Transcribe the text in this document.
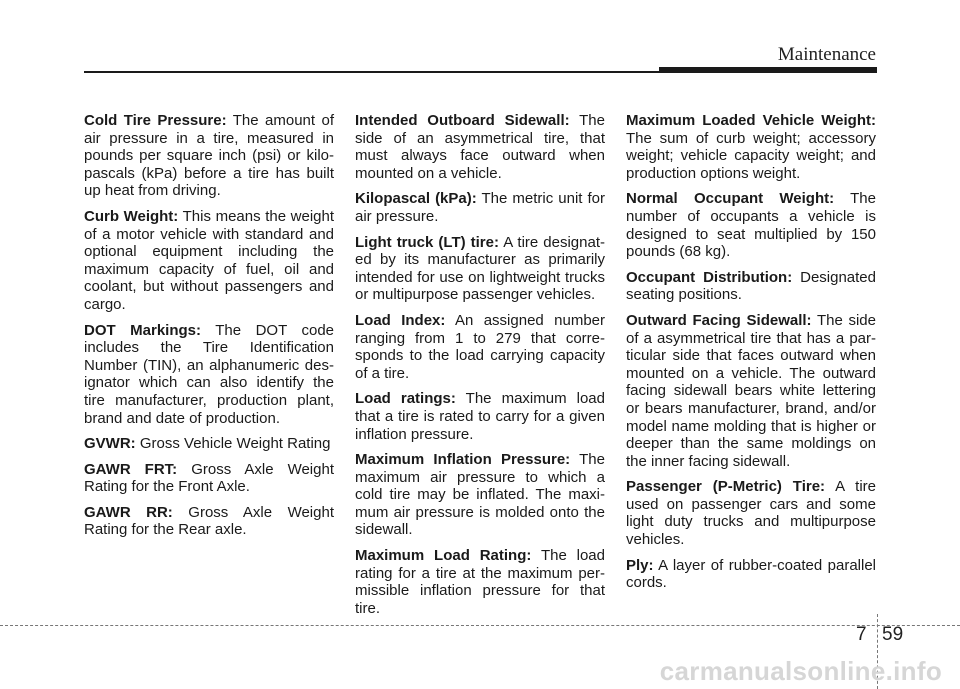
Maintenance

Cold Tire Pressure: The amount of air pressure in a tire, measured in pounds per square inch (psi) or kilo-pascals (kPa) before a tire has built up heat from driving.

Curb Weight: This means the weight of a motor vehicle with standard and optional equipment including the maximum capacity of fuel, oil and coolant, but without passengers and cargo.

DOT Markings: The DOT code includes the Tire Identification Number (TIN), an alphanumeric des-ignator which can also identify the tire manufacturer, production plant, brand and date of production.

GVWR: Gross Vehicle Weight Rating

GAWR FRT: Gross Axle Weight Rating for the Front Axle.

GAWR RR: Gross Axle Weight Rating for the Rear axle.

Intended Outboard Sidewall: The side of an asymmetrical tire, that must always face outward when mounted on a vehicle.

Kilopascal (kPa): The metric unit for air pressure.

Light truck (LT) tire: A tire designat-ed by its manufacturer as primarily intended for use on lightweight trucks or multipurpose passenger vehicles.

Load Index: An assigned number ranging from 1 to 279 that corre-sponds to the load carrying capacity of a tire.

Load ratings: The maximum load that a tire is rated to carry for a given inflation pressure.

Maximum Inflation Pressure: The maximum air pressure to which a cold tire may be inflated. The maxi-mum air pressure is molded onto the sidewall.

Maximum Load Rating: The load rating for a tire at the maximum per-missible inflation pressure for that tire.

Maximum Loaded Vehicle Weight: The sum of curb weight; accessory weight; vehicle capacity weight; and production options weight.

Normal Occupant Weight: The number of occupants a vehicle is designed to seat multiplied by 150 pounds (68 kg).

Occupant Distribution: Designated seating positions.

Outward Facing Sidewall: The side of a asymmetrical tire that has a par-ticular side that faces outward when mounted on a vehicle. The outward facing sidewall bears white lettering or bears manufacturer, brand, and/or model name molding that is higher or deeper than the same moldings on the inner facing sidewall.

Passenger (P-Metric) Tire: A tire used on passenger cars and some light duty trucks and multipurpose vehicles.

Ply: A layer of rubber-coated parallel cords.

7 59
carmanualsonline.info
